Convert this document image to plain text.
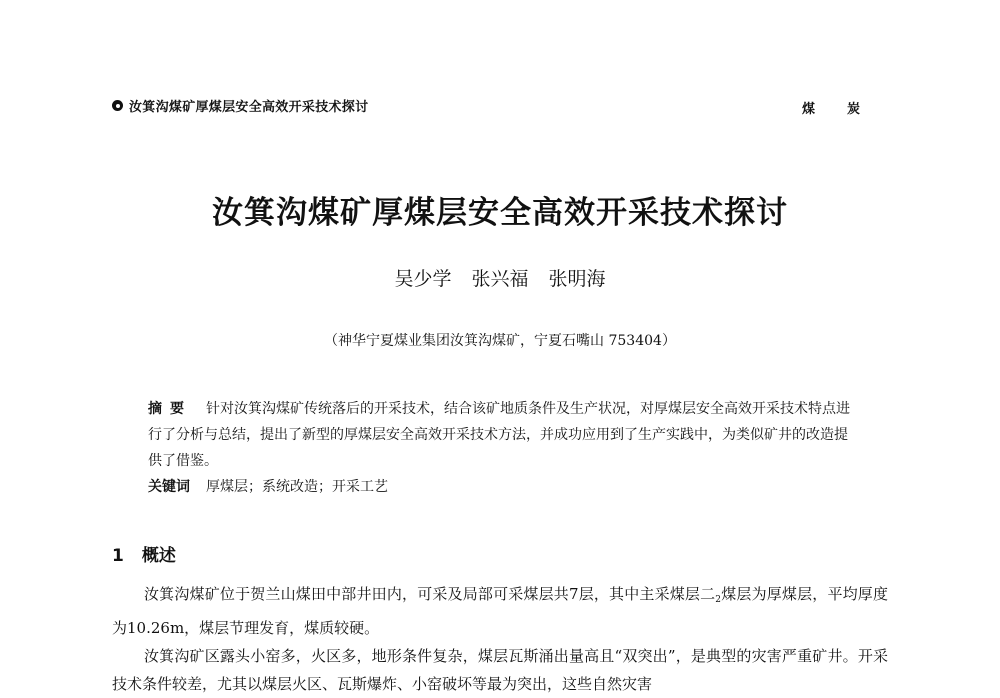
汝箕沟煤矿厚煤层安全高效开采技术探讨	煤炭
汝箕沟煤矿厚煤层安全高效开采技术探讨
吴少学 张兴福 张明海
（神华宁夏煤业集团汝箕沟煤矿，宁夏石嘴山 753404）
摘要 针对汝箕沟煤矿传统落后的开采技术，结合该矿地质条件及生产状况，对厚煤层安全高效开采技术特点进行了分析与总结，提出了新型的厚煤层安全高效开采技术方法，并成功应用到了生产实践中，为类似矿井的改造提供了借鉴。
关键词 厚煤层；系统改造；开采工艺
1 概述

汝箕沟煤矿位于贺兰山煤田中部井田内，可采及局部可采煤层共7层，其中主采煤层二$_2$煤层为厚煤层，平均厚度为10.26m，煤层节理发育，煤质较硬。

汝箕沟矿区露头小窑多，火区多，地形条件复杂，煤层瓦斯涌出量高且“双突出”，是典型的灾害严重矿井。开采技术条件较差，尤其以煤层火区、瓦斯爆炸、小窑破坏等最为突出，这些自然灾害
